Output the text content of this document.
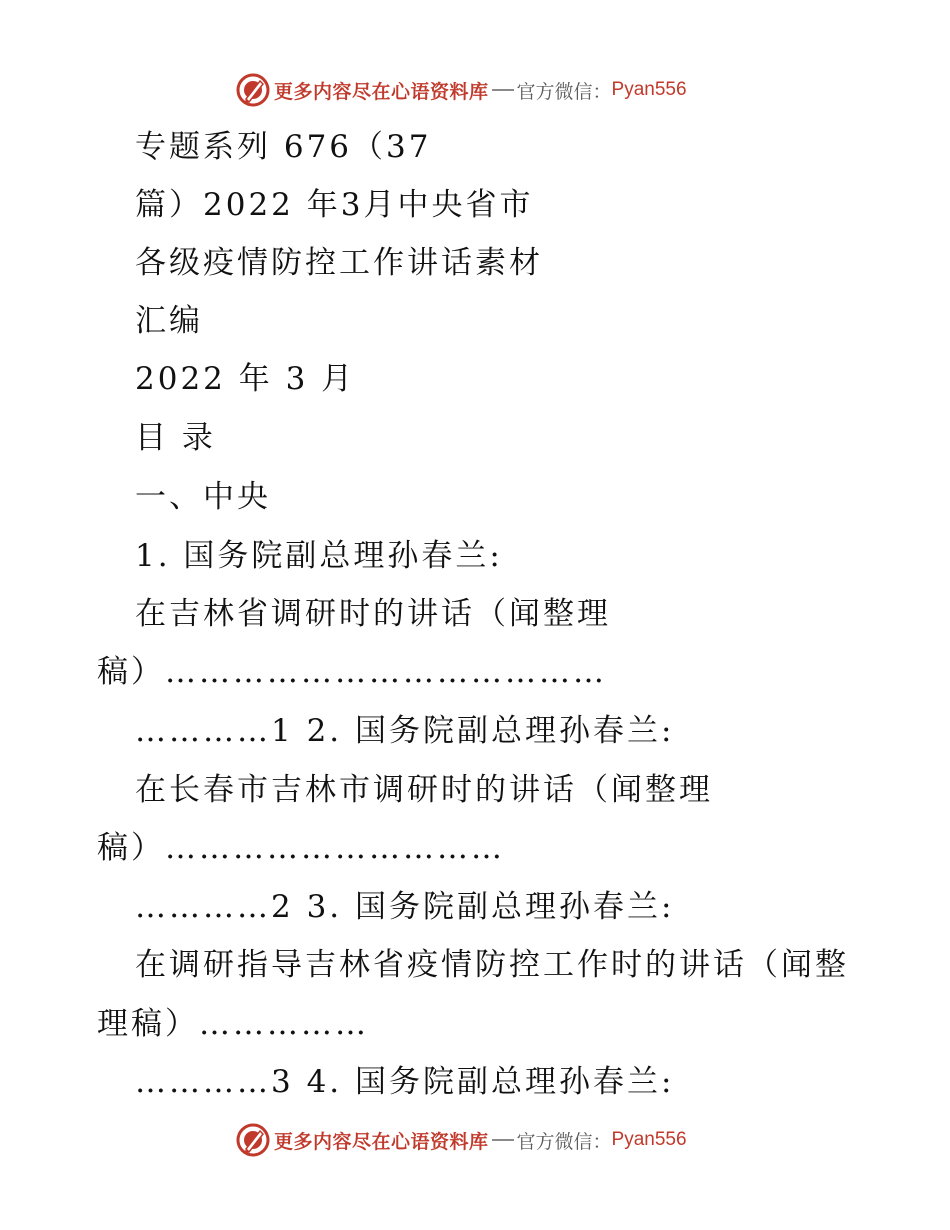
更多内容尽在心语资料库 官方微信： Pyan556
专题系列 676（37
篇）2022 年3月中央省市
各级疫情防控工作讲话素材
汇编
2022 年 3 月
目 录
一、中央
1. 国务院副总理孙春兰:
在吉林省调研时的讲话（闻整理
稿）…………………………………
…………1 2. 国务院副总理孙春兰:
在长春市吉林市调研时的讲话（闻整理
稿）…………………………
…………2 3. 国务院副总理孙春兰:
在调研指导吉林省疫情防控工作时的讲话（闻整
理稿）……………
…………3 4. 国务院副总理孙春兰:
更多内容尽在心语资料库 官方微信： Pyan556
